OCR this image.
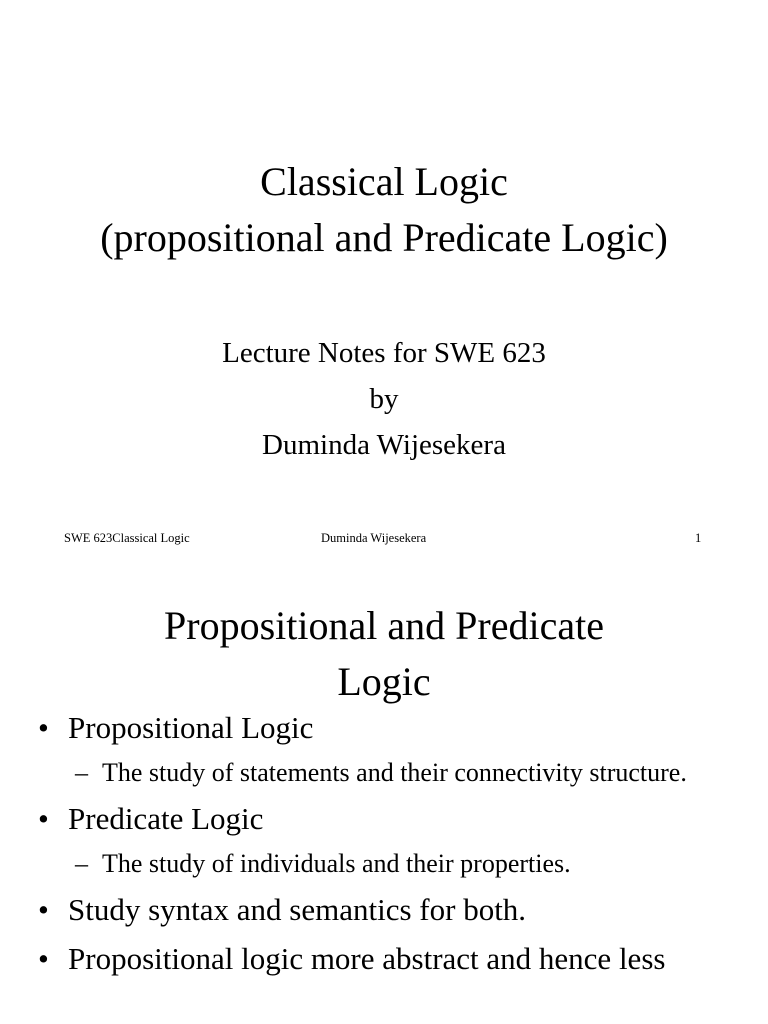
Classical Logic
(propositional and Predicate Logic)
Lecture Notes for SWE 623
by
Duminda Wijesekera
SWE 623Classical Logic	Duminda Wijesekera	1
Propositional and Predicate
Logic
• Propositional Logic
– The study of statements and their connectivity structure.
• Predicate Logic
– The study of individuals and their properties.
• Study syntax and semantics for both.
• Propositional logic more abstract and hence less
